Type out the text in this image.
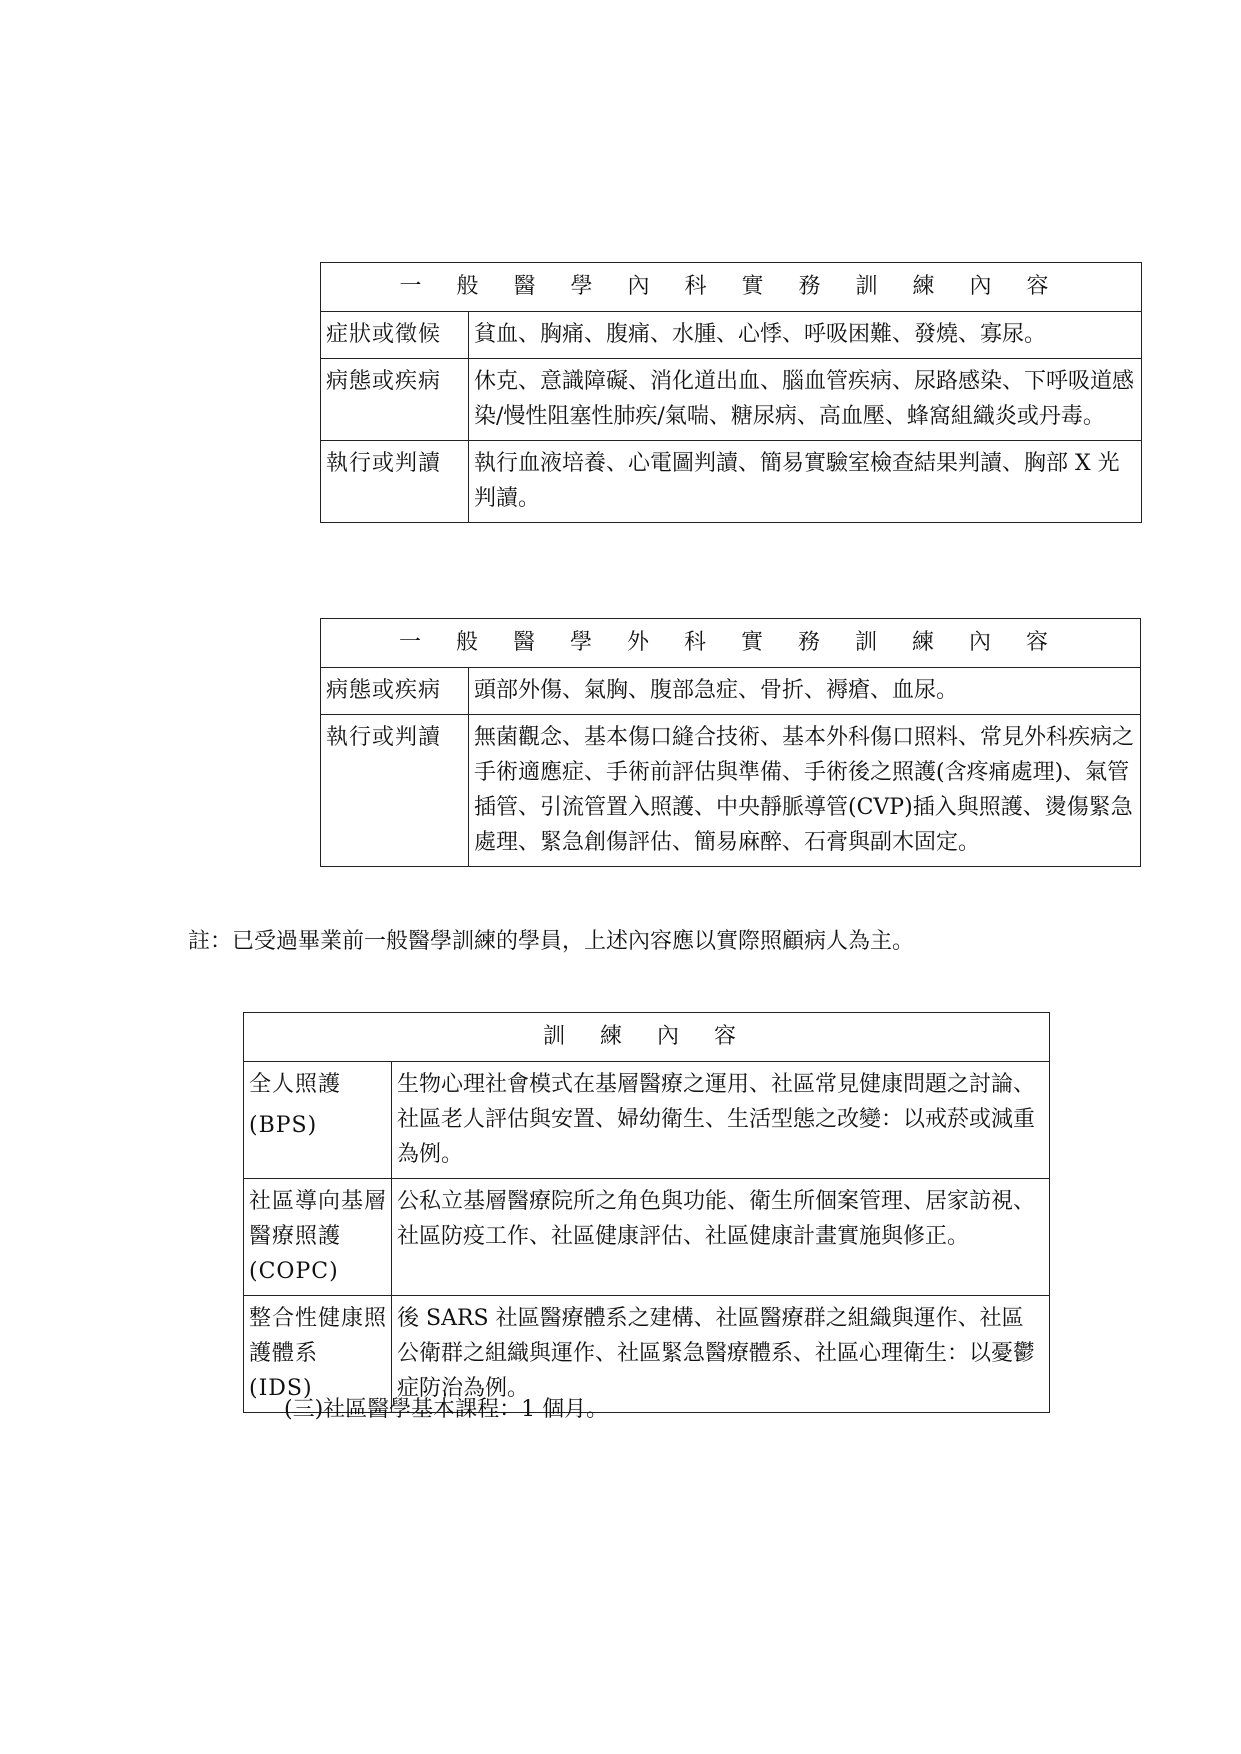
一 般 醫 學 內 科 實 務 訓 練 內 容	
症狀或徵候	貧血、胸痛、腹痛、水腫、心悸、呼吸困難、發燒、寡尿。
病態或疾病	休克、意識障礙、消化道出血、腦血管疾病、尿路感染、下呼吸道感染/慢性阻塞性肺疾/氣喘、糖尿病、高血壓、蜂窩組織炎或丹毒。
執行或判讀	執行血液培養、心電圖判讀、簡易實驗室檢查結果判讀、胸部 X 光判讀。
一 般 醫 學 外 科 實 務 訓 練 內 容	
病態或疾病	頭部外傷、氣胸、腹部急症、骨折、褥瘡、血尿。
執行或判讀	無菌觀念、基本傷口縫合技術、基本外科傷口照料、常見外科疾病之手術適應症、手術前評估與準備、手術後之照護(含疼痛處理)、氣管插管、引流管置入照護、中央靜脈導管(CVP)插入與照護、燙傷緊急處理、緊急創傷評估、簡易麻醉、石膏與副木固定。
註：已受過畢業前一般醫學訓練的學員，上述內容應以實際照顧病人為主。
訓 練 內 容	

全人照護
(BPS)	生物心理社會模式在基層醫療之運用、社區常見健康問題之討論、社區老人評估與安置、婦幼衛生、生活型態之改變：以戒菸或減重為例。

社區導向基層醫療照護
(COPC)	公私立基層醫療院所之角色與功能、衛生所個案管理、居家訪視、社區防疫工作、社區健康評估、社區健康計畫實施與修正。

整合性健康照護體系
(IDS)	後 SARS 社區醫療體系之建構、社區醫療群之組織與運作、社區公衛群之組織與運作、社區緊急醫療體系、社區心理衛生：以憂鬱症防治為例。
(三)社區醫學基本課程：1 個月。
